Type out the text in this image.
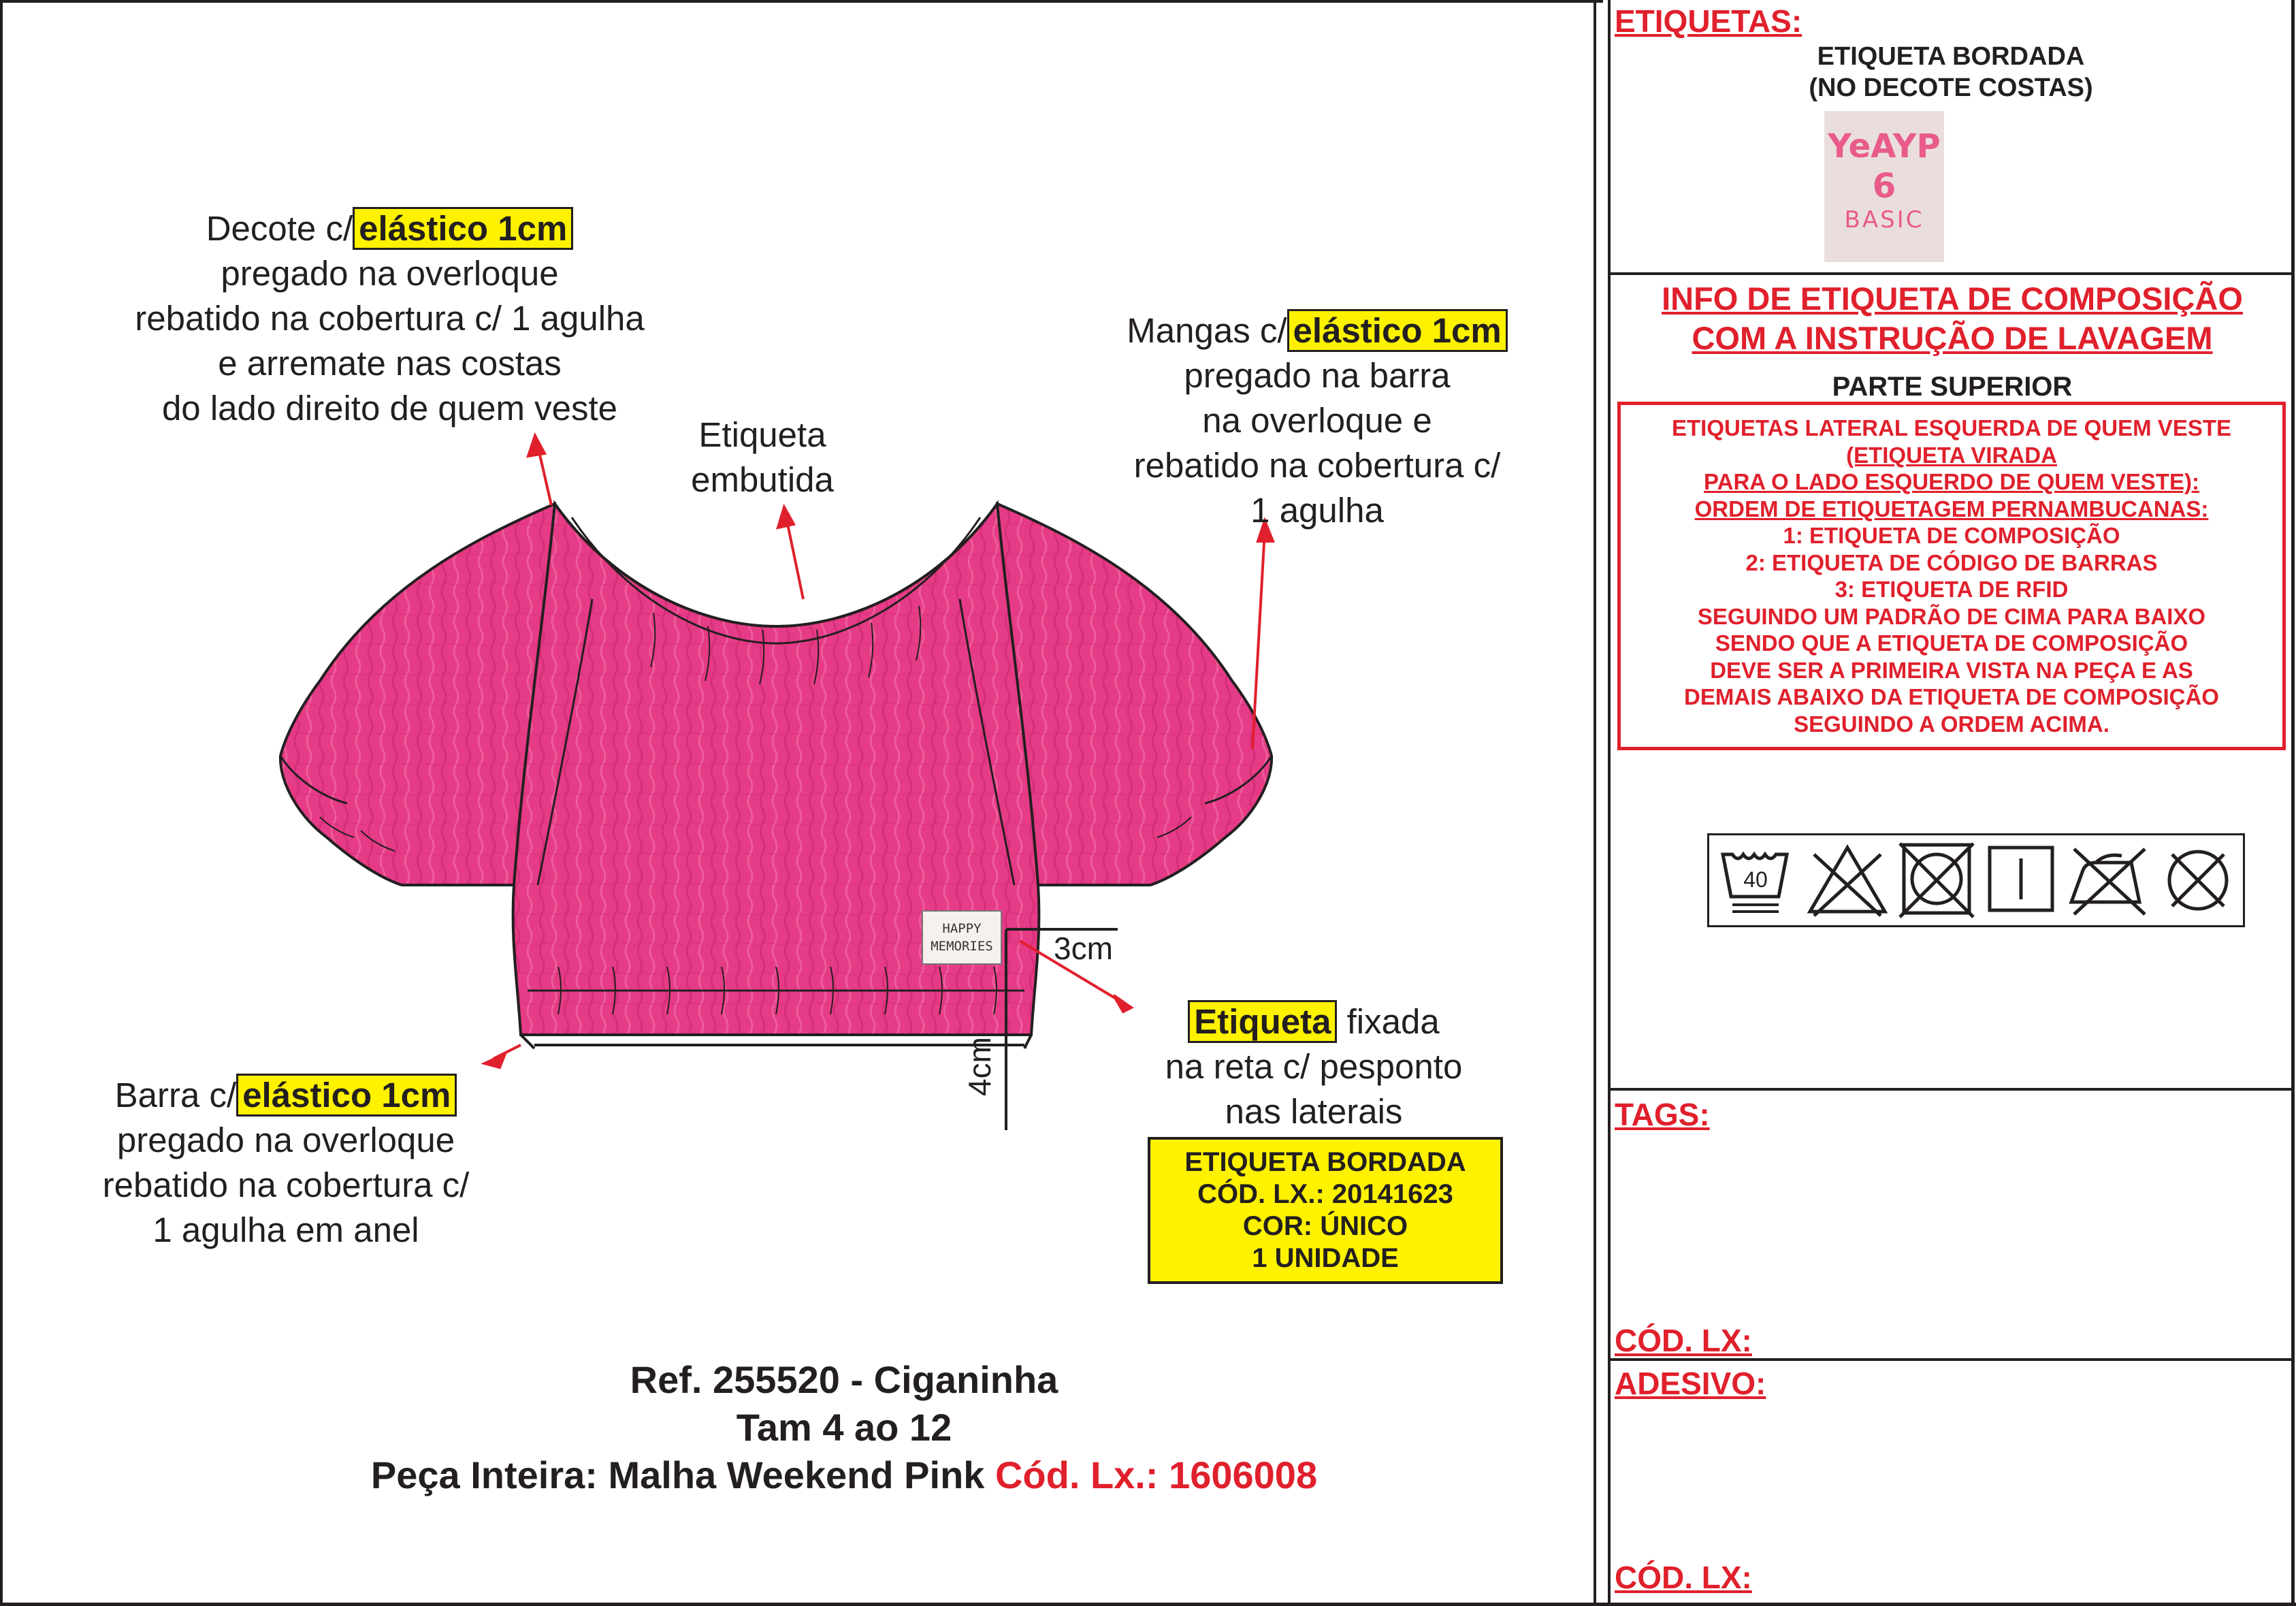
HAPPY
MEMORIES 3cm
4cm
Decote c/ elástico 1cm
pregado na overloque
rebatido na cobertura c/ 1 agulha
e arremate nas costas
do lado direito de quem veste
Etiqueta
embutida
Mangas c/ elástico 1cm
pregado na barra
na overloque e
rebatido na cobertura c/
1 agulha
Barra c/ elástico 1cm
pregado na overloque
rebatido na cobertura c/
1 agulha em anel
Etiqueta fixada
na reta c/ pesponto
nas laterais
ETIQUETA BORDADA
CÓD. LX.: 20141623
COR: ÚNICO
1 UNIDADE
Ref. 255520 - Ciganinha
Tam 4 ao 12
Peça Inteira: Malha Weekend Pink Cód. Lx.: 1606008
ETIQUETAS:
ETIQUETA BORDADA
(NO DECOTE COSTAS)
YeAYP
6
BASIC
INFO DE ETIQUETA DE COMPOSIÇÃO
COM A INSTRUÇÃO DE LAVAGEM
PARTE SUPERIOR
ETIQUETAS LATERAL ESQUERDA DE QUEM VESTE
(ETIQUETA VIRADA
PARA O LADO ESQUERDO DE QUEM VESTE):
ORDEM DE ETIQUETAGEM PERNAMBUCANAS:
1: ETIQUETA DE COMPOSIÇÃO
2: ETIQUETA DE CÓDIGO DE BARRAS
3: ETIQUETA DE RFID
SEGUINDO UM PADRÃO DE CIMA PARA BAIXO
SENDO QUE A ETIQUETA DE COMPOSIÇÃO
DEVE SER A PRIMEIRA VISTA NA PEÇA E AS
DEMAIS ABAIXO DA ETIQUETA DE COMPOSIÇÃO
SEGUINDO A ORDEM ACIMA.
40
TAGS:
CÓD. LX:
ADESIVO:
CÓD. LX:
